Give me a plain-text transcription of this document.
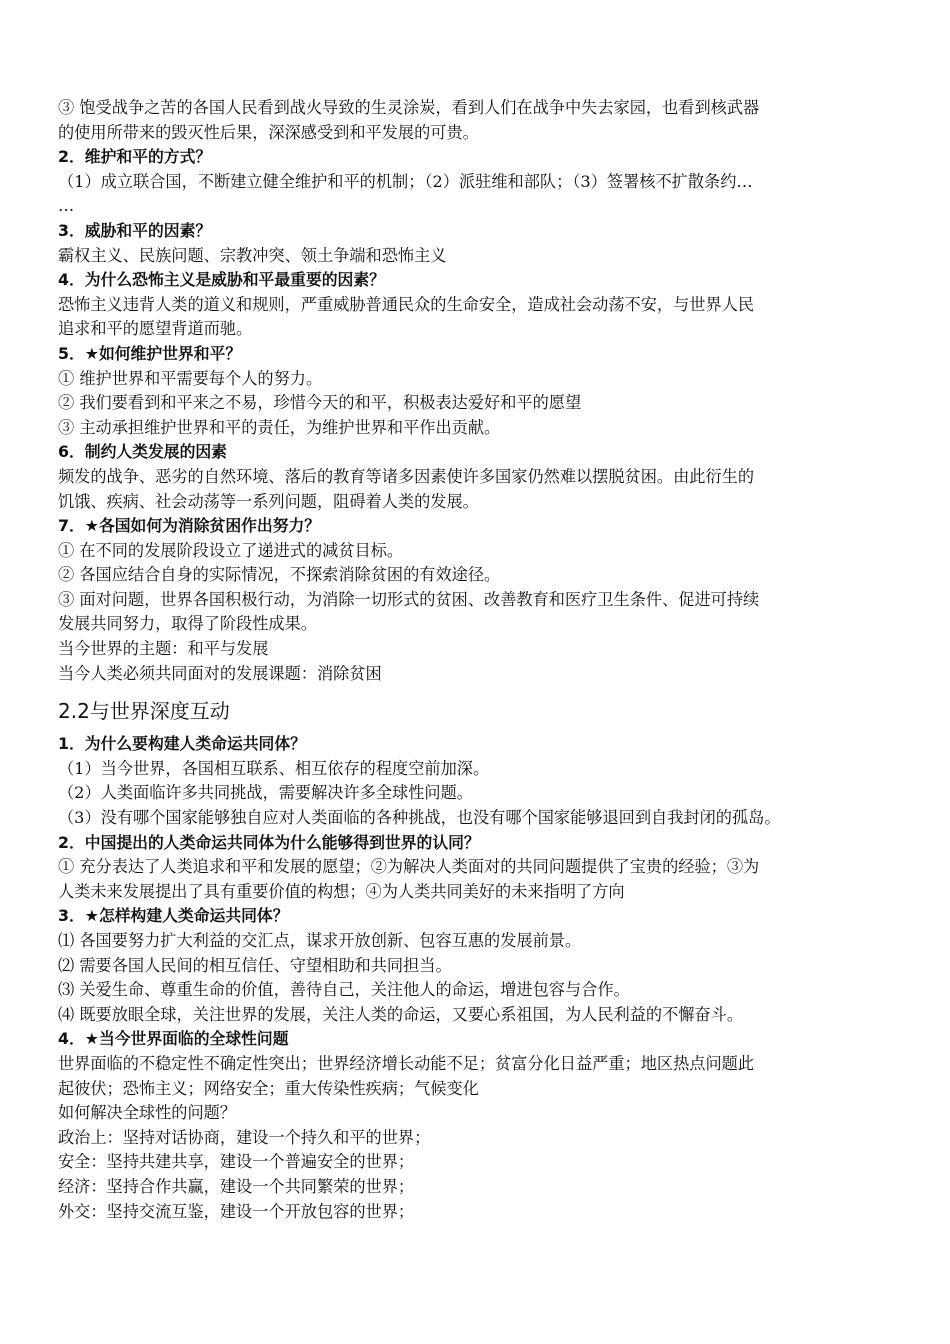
③ 饱受战争之苦的各国人民看到战火导致的生灵涂炭，看到人们在战争中失去家园，也看到核武器

的使用所带来的毁灭性后果，深深感受到和平发展的可贵。

2．维护和平的方式？

（1）成立联合国，不断建立健全维护和平的机制；（2）派驻维和部队；（3）签署核不扩散条约…

…

3．威胁和平的因素？

霸权主义、民族问题、宗教冲突、领土争端和恐怖主义

4．为什么恐怖主义是威胁和平最重要的因素？

恐怖主义违背人类的道义和规则，严重威胁普通民众的生命安全，造成社会动荡不安，与世界人民

追求和平的愿望背道而驰。

5．★如何维护世界和平？

① 维护世界和平需要每个人的努力。

② 我们要看到和平来之不易，珍惜今天的和平，积极表达爱好和平的愿望

③ 主动承担维护世界和平的责任，为维护世界和平作出贡献。

6．制约人类发展的因素

频发的战争、恶劣的自然环境、落后的教育等诸多因素使许多国家仍然难以摆脱贫困。由此衍生的

饥饿、疾病、社会动荡等一系列问题，阻碍着人类的发展。

7．★各国如何为消除贫困作出努力？

① 在不同的发展阶段设立了递进式的减贫目标。

② 各国应结合自身的实际情况，不探索消除贫困的有效途径。

③ 面对问题，世界各国积极行动，为消除一切形式的贫困、改善教育和医疗卫生条件、促进可持续

发展共同努力，取得了阶段性成果。

当今世界的主题：和平与发展

当今人类必须共同面对的发展课题：消除贫困

2.2与世界深度互动

1．为什么要构建人类命运共同体？

（1）当今世界，各国相互联系、相互依存的程度空前加深。

（2）人类面临许多共同挑战，需要解决许多全球性问题。

（3）没有哪个国家能够独自应对人类面临的各种挑战，也没有哪个国家能够退回到自我封闭的孤岛。

2．中国提出的人类命运共同体为什么能够得到世界的认同？

① 充分表达了人类追求和平和发展的愿望；②为解决人类面对的共同问题提供了宝贵的经验；③为

人类未来发展提出了具有重要价值的构想；④为人类共同美好的未来指明了方向

3．★怎样构建人类命运共同体？

⑴ 各国要努力扩大利益的交汇点，谋求开放创新、包容互惠的发展前景。

⑵ 需要各国人民间的相互信任、守望相助和共同担当。

⑶ 关爱生命、尊重生命的价值，善待自己，关注他人的命运，增进包容与合作。

⑷ 既要放眼全球，关注世界的发展，关注人类的命运，又要心系祖国，为人民利益的不懈奋斗。

4．★当今世界面临的全球性问题

世界面临的不稳定性不确定性突出；世界经济增长动能不足；贫富分化日益严重；地区热点问题此

起彼伏；恐怖主义；网络安全；重大传染性疾病；气候变化

如何解决全球性的问题？

政治上：坚持对话协商，建设一个持久和平的世界；

安全：坚持共建共享，建设一个普遍安全的世界；

经济：坚持合作共赢，建设一个共同繁荣的世界；

外交：坚持交流互鉴，建设一个开放包容的世界；
